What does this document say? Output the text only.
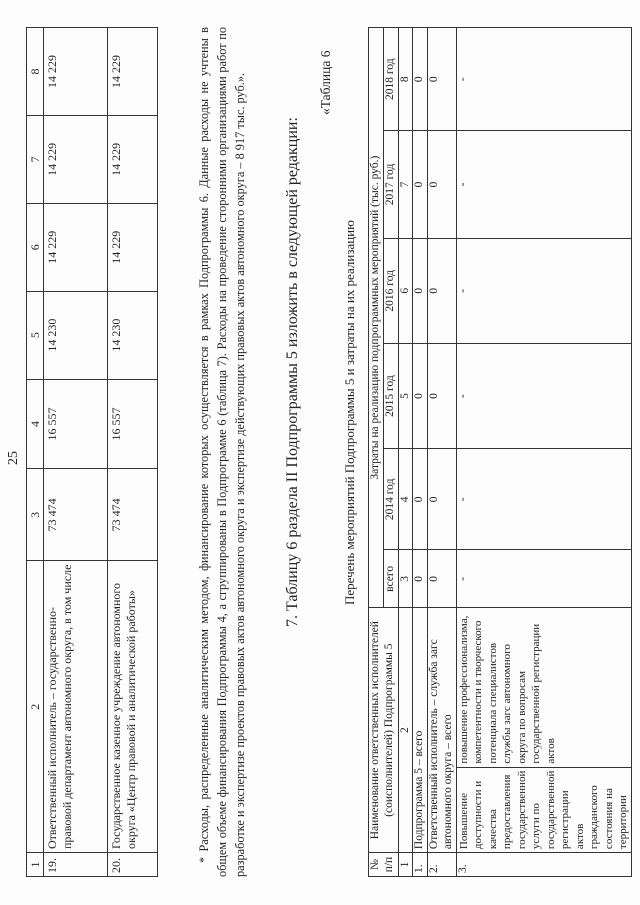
25
1	2	3	4	5	6	7	8
19.	Ответственный исполнитель – государственно-правовой департамент автономного округа, в том числе	73 474	16 557	14 230	14 229	14 229	14 229
20.	Государственное казенное учреждение автономного округа «Центр правовой и аналитической работы»	73 474	16 557	14 230	14 229	14 229	14 229	* Расходы, распределенные аналитическим методом, финансирование которых осуществляется в рамках Подпрограммы 6. Данные расходы не учтены в общем объеме финансирования Подпрограммы 4, а сгруппированы в Подпрограмме 6 (таблица 7). Расходы на проведение сторонними организациями работ по разработке и экспертизе проектов правовых актов автономного округа и экспертизе действующих правовых актов автономного округа – 8 917 тыс. руб.». 7. Таблицу 6 раздела II Подпрограммы 5 изложить в следующей редакции:

«Таблица 6
Перечень мероприятий Подпрограммы 5 и затраты на их реализацию
№ п/п	Наименование ответственных исполнителей (соисполнителей) Подпрограммы 5		Затраты на реализацию подпрограммных мероприятий (тыс. руб.)					
			всего	2014 год	2015 год	2016 год	2017 год	2018 год
1	2		3	4	5	6	7	8
1.	Подпрограмма 5 – всего		0	0	0	0	0	0
2.	Ответственный исполнитель – служба загс автономного округа – всего		0	0	0	0	0	0
3.	Повышение доступности и качества предоставления государственной услуги по государственной регистрации актов гражданского состояния на территории	повышение профессионализма, компетентности и творческого потенциала специалистов службы загс автономного округа по вопросам государственной регистрации актов	-	-	-	-	-	-
